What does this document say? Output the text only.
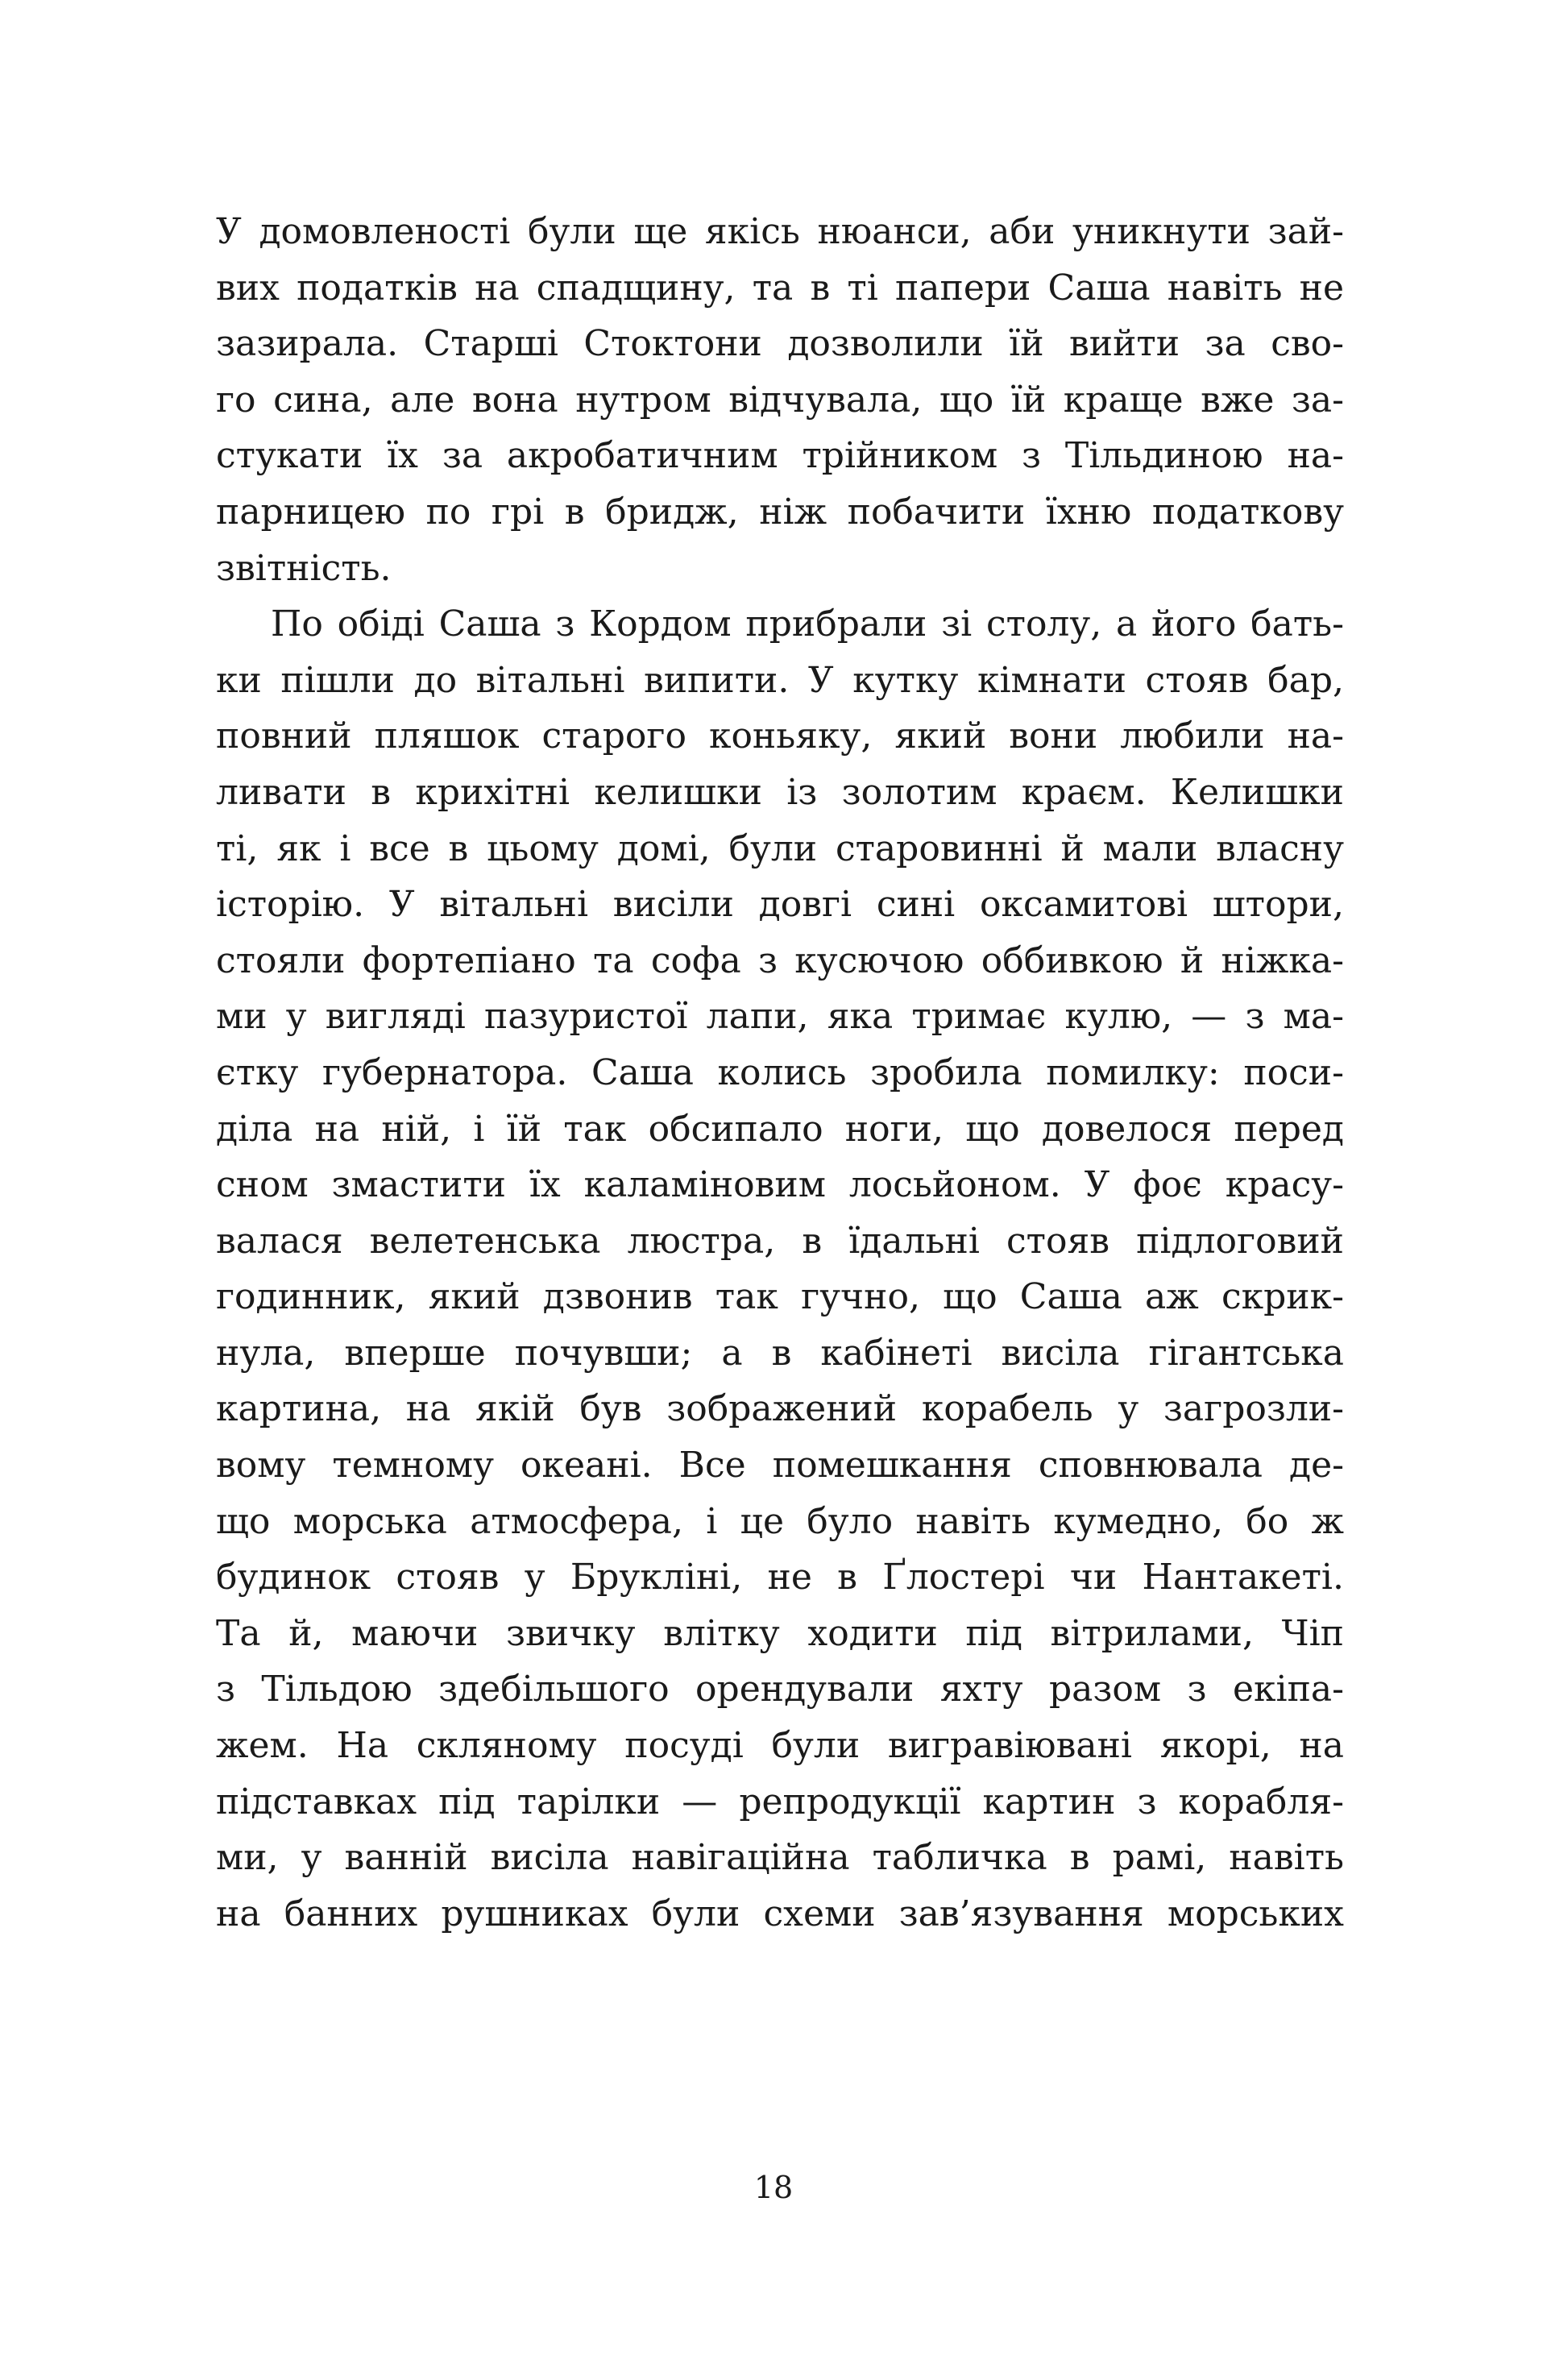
У домовленості були ще якісь нюанси, аби уникнути зай-
вих податків на спадщину, та в ті папери Саша навіть не
зазирала. Старші Стоктони дозволили їй вийти за сво-
го сина, але вона нутром відчувала, що їй краще вже за-
стукати їх за акробатичним трійником з Тільдиною на-
парницею по грі в бридж, ніж побачити їхню податкову
звітність.
По обіді Саша з Кордом прибрали зі столу, а його бать-
ки пішли до вітальні випити. У кутку кімнати стояв бар,
повний пляшок старого коньяку, який вони любили на-
ливати в крихітні келишки із золотим краєм. Келишки
ті, як і все в цьому домі, були старовинні й мали власну
історію. У вітальні висіли довгі сині оксамитові штори,
стояли фортепіано та софа з кусючою оббивкою й ніжка-
ми у вигляді пазуристої лапи, яка тримає кулю, — з ма-
єтку губернатора. Саша колись зробила помилку: поси-
діла на ній, і їй так обсипало ноги, що довелося перед
сном змастити їх каламіновим лосьйоном. У фоє красу-
валася велетенська люстра, в їдальні стояв підлоговий
годинник, який дзвонив так гучно, що Саша аж скрик-
нула, вперше почувши; а в кабінеті висіла гігантська
картина, на якій був зображений корабель у загрозли-
вому темному океані. Все помешкання сповнювала де-
що морська атмосфера, і це було навіть кумедно, бо ж
будинок стояв у Брукліні, не в Ґлостері чи Нантакеті.
Та й, маючи звичку влітку ходити під вітрилами, Чіп
з Тільдою здебільшого орендували яхту разом з екіпа-
жем. На скляному посуді були вигравіювані якорі, на
підставках під тарілки — репродукції картин з корабля-
ми, у ванній висіла навігаційна табличка в рамі, навіть
на банних рушниках були схеми зав’язування морських
18
